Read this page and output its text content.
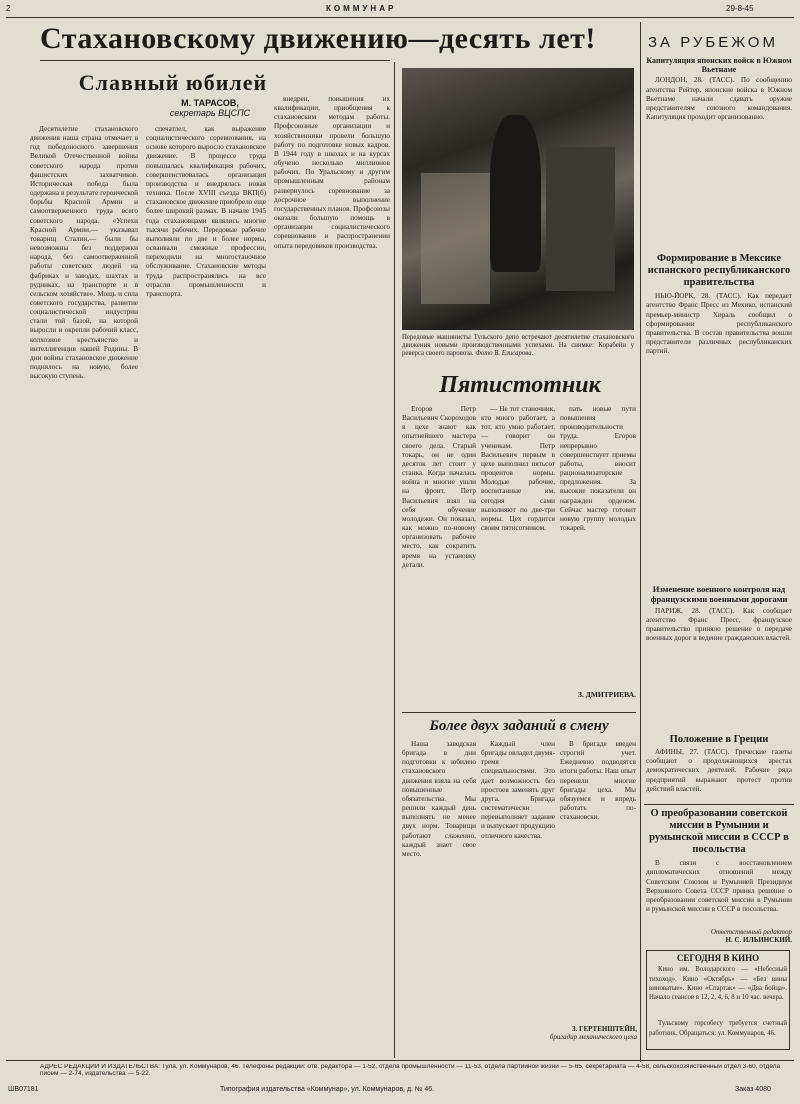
2	КОММУНАР	29-8-45
Стахановскому движению—десять лет!	ЗА РУБЕЖОМ
Славный юбилей
М. ТАРАСОВ,
секретарь ВЦСПС

Десятилетие стахановского движения наша страна отмечает в год победоносного завершения Великой Отечественной войны советского народа против фашистских захватчиков. Историческая победа была одержана в результате героической борьбы Красной Армии и самоотверженного труда всего советского народа. «Успехи Красной Армии,— указывал товарищ Сталин,— были бы невозможны без поддержки народа, без самоотверженной работы советских людей на фабриках и заводах, шахтах и рудниках, на транспорте и в сельском хозяйстве». Мощь и сила советского государства, развитие социалистической индустрии стали той базой, на которой выросли и окрепли рабочий класс, колхозное крестьянство и интеллигенция нашей Родины. В дни войны стахановское движение поднялось на новую, более высокую ступень.

спечатлел, как выражение социалистического соревнования, на основе которого выросло стахановское движение. В процессе труда повышалась квалификация рабочих, совершенствовалась организация производства и внедрялась новая техника. После XVIII съезда ВКП(б) стахановское движение приобрело еще более широкий размах. В начале 1945 года стахановцами являлись многие тысячи рабочих. Передовые рабочие выполняли по две и более нормы, осваивали смежные профессии, переходили на многостаночное обслуживание. Стахановские методы труда распространялись на все отрасли промышленности и транспорта.

внедрен, повышения их квалификации, приобщения к стахановским методам работы. Профсоюзные организации и хозяйственники провели большую работу по подготовке новых кадров. В 1944 году в школах и на курсах обучено несколько миллионов рабочих. По Уральскому и другим промышленным районам развернулось соревнование за досрочное выполнение государственных планов. Профсоюзы оказали большую помощь в организации социалистического соревнования и распространении опыта передовиков производства.

Передовые машинисты Тульского депо встречают десятилетие стахановского движения новыми производственными успехами. На снимке: Корабейн у реверса своего паровоза. Фото В. Елисарова.
Пятистотник

Егоров Петр Васильевич Скороходов в цехе знают как опытнейшего мастера своего дела. Старый токарь, он не один десяток лет стоит у станка. Когда началась война и многие ушли на фронт, Петр Васильевич взял на себя обучение молодежи. Он показал, как можно по-новому организовать рабочее место, как сократить время на установку детали.

— Не тот станочник, кто много работает, а тот, кто умно работает,— говорит он ученикам. Петр Васильевич первым в цехе выполнил пятьсот процентов нормы. Молодые рабочие, воспитанные им, сегодня сами выполняют по две-три нормы. Цех гордится своим пятисотником.

пать новые пути повышения производительности труда. Егоров непрерывно совершенствует приемы работы, вносит рационализаторские предложения. За высокие показатели он награжден орденом. Сейчас мастер готовит новую группу молодых токарей.

З. ДМИТРИЕВА.
Более двух заданий в смену

Наша заводская бригада в дни подготовки к юбилею стахановского движения взяла на себя повышенные обязательства. Мы решили каждый день выполнять не менее двух норм. Товарищи работают слаженно, каждый знает свое место.

Каждый член бригады овладел двумя-тремя специальностями. Это дает возможность без простоев заменять друг друга. Бригада систематически перевыполняет задание и выпускает продукцию отличного качества.

В бригаде введен строгий учет. Ежедневно подводятся итоги работы. Наш опыт переняли многие бригады цеха. Мы обязуемся и впредь работать по-стахановски.

З. ГЕРТЕНШТЕЙН,
бригадир механического цеха
Капитуляция японских войск в Южном Вьетнаме

ЛОНДОН, 28. (ТАСС). По сообщению агентства Рейтер, японские войска в Южном Вьетнаме начали сдавать оружие представителям союзного командования. Капитуляция проходит организованно.

Формирование в Мексике испанского республиканского правительства

НЬЮ-ЙОРК, 28. (ТАСС). Как передает агентство Франс Пресс из Мехико, испанский премьер-министр Хираль сообщил о сформировании республиканского правительства. В состав правительства вошли представители различных республиканских партий.

Изменение военного контроля над французскими военными дорогами

ПАРИЖ, 28. (ТАСС). Как сообщает агентство Франс Пресс, французское правительство приняло решение о передаче военных дорог в ведение гражданских властей.

Положение в Греции

АФИНЫ, 27. (ТАСС). Греческие газеты сообщают о продолжающихся арестах демократических деятелей. Рабочие ряда предприятий выражают протест против действий властей.

О преобразовании советской миссии в Румынии и румынской миссии в СССР в посольства

В связи с восстановлением дипломатических отношений между Советским Союзом и Румынией Президиум Верховного Совета СССР принял решение о преобразовании советской миссии в Румынии и румынской миссии в СССР в посольства.

Ответственный редактор
Н. С. ИЛЬИНСКИЙ.
СЕГОДНЯ В КИНО

Кино им. Володарского — «Небесный тихоход». Кино «Октябрь» — «Без вины виноватые». Кино «Спартак» — «Два бойца». Начало сеансов в 12, 2, 4, 6, 8 и 10 час. вечера.

Тульскому горсобесу требуется счетный работник. Обращаться: ул. Коммунаров, 46.

АДРЕС РЕДАКЦИИ И ИЗДАТЕЛЬСТВА: Тула, ул. Коммунаров, 46. Телефоны редакции: отв. редактора — 1-52, отдела промышленности — 11-53, отдела партийной жизни — 5-65, секретариата — 4-58, сельскохозяйственный отдел 3-60, отдела писем — 2-74, издательства — 5-22.
ШВ07181	Типография издательства «Коммунар», ул. Коммунаров, д. № 46.	Заказ 4080
